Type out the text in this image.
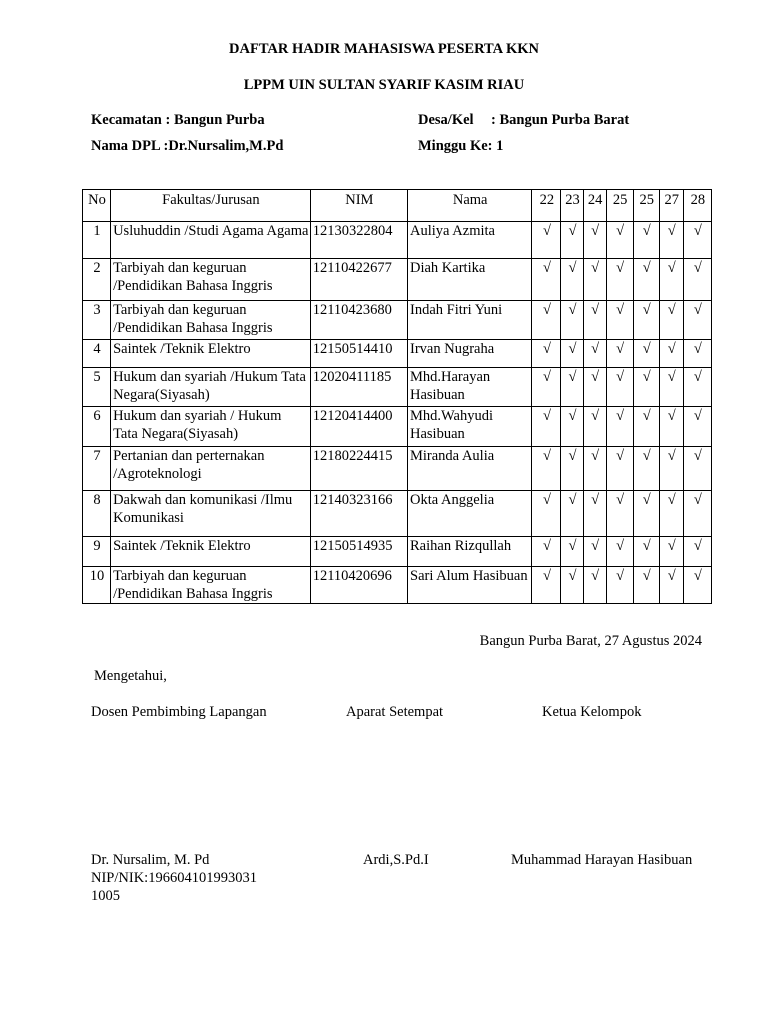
DAFTAR HADIR MAHASISWA PESERTA KKN
LPPM UIN SULTAN SYARIF KASIM RIAU
Kecamatan : Bangun Purba	Desa/Kel : Bangun Purba Barat
Nama DPL :Dr.Nursalim,M.Pd	Minggu Ke: 1
No	Fakultas/Jurusan	NIM	Nama	22	23	24	25	25	27	28
1	Usluhuddin /Studi Agama Agama	12130322804	Auliya Azmita	√	√	√	√	√	√	√
2	Tarbiyah dan keguruan /Pendidikan Bahasa Inggris	12110422677	Diah Kartika	√	√	√	√	√	√	√
3	Tarbiyah dan keguruan /Pendidikan Bahasa Inggris	12110423680	Indah Fitri Yuni	√	√	√	√	√	√	√
4	Saintek /Teknik Elektro	12150514410	Irvan Nugraha	√	√	√	√	√	√	√
5	Hukum dan syariah /Hukum Tata Negara(Siyasah)	12020411185	Mhd.Harayan Hasibuan	√	√	√	√	√	√	√
6	Hukum dan syariah / Hukum Tata Negara(Siyasah)	12120414400	Mhd.Wahyudi Hasibuan	√	√	√	√	√	√	√
7	Pertanian dan perternakan /Agroteknologi	12180224415	Miranda Aulia	√	√	√	√	√	√	√
8	Dakwah dan komunikasi /Ilmu Komunikasi	12140323166	Okta Anggelia	√	√	√	√	√	√	√
9	Saintek /Teknik Elektro	12150514935	Raihan Rizqullah	√	√	√	√	√	√	√
10	Tarbiyah dan keguruan /Pendidikan Bahasa Inggris	12110420696	Sari Alum Hasibuan	√	√	√	√	√	√	√
Bangun Purba Barat, 27 Agustus 2024
Mengetahui,
Dosen Pembimbing Lapangan	Aparat Setempat	Ketua Kelompok
Dr. Nursalim, M. Pd
NIP/NIK:196604101993031
1005
Ardi,S.Pd.I	Muhammad Harayan Hasibuan
